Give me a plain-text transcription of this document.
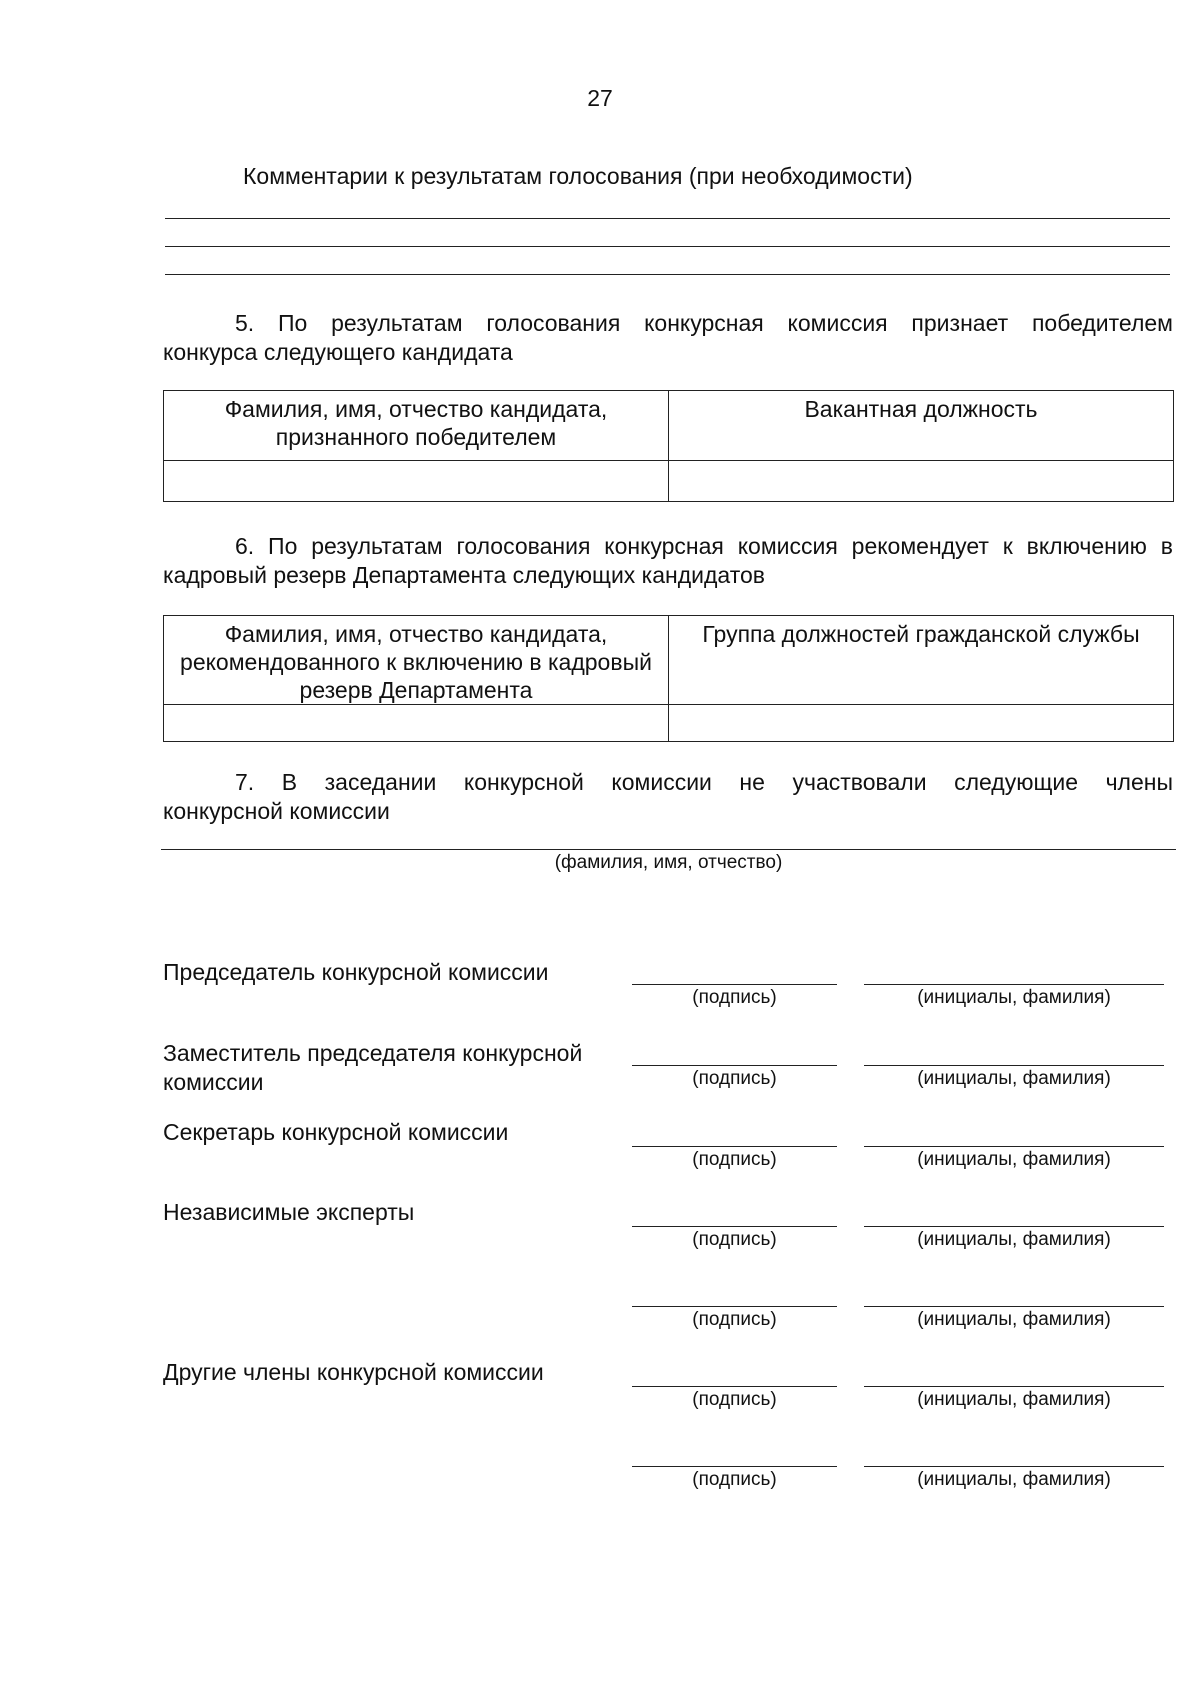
27
Комментарии к результатам голосования (при необходимости)
5. По результатам голосования конкурсная комиссия признает победителем
конкурса следующего кандидата
Фамилия, имя, отчество кандидата, признанного победителем	Вакантная должность

6. По результатам голосования конкурсная комиссия рекомендует к включению в
кадровый резерв Департамента следующих кандидатов
Фамилия, имя, отчество кандидата, рекомендованного к включению в кадровый резерв Департамента	Группа должностей гражданской службы

7. В заседании конкурсной комиссии не участвовали следующие члены
конкурсной комиссии
(фамилия, имя, отчество)
Председатель конкурсной комиссии
(подпись)	(инициалы, фамилия)
Заместитель председателя конкурсной комиссии	(подпись)	(инициалы, фамилия)
Секретарь конкурсной комиссии
(подпись)	(инициалы, фамилия)
Независимые эксперты
(подпись)	(инициалы, фамилия)
(подпись)	(инициалы, фамилия)
Другие члены конкурсной комиссии
(подпись)	(инициалы, фамилия)
(подпись)	(инициалы, фамилия)
